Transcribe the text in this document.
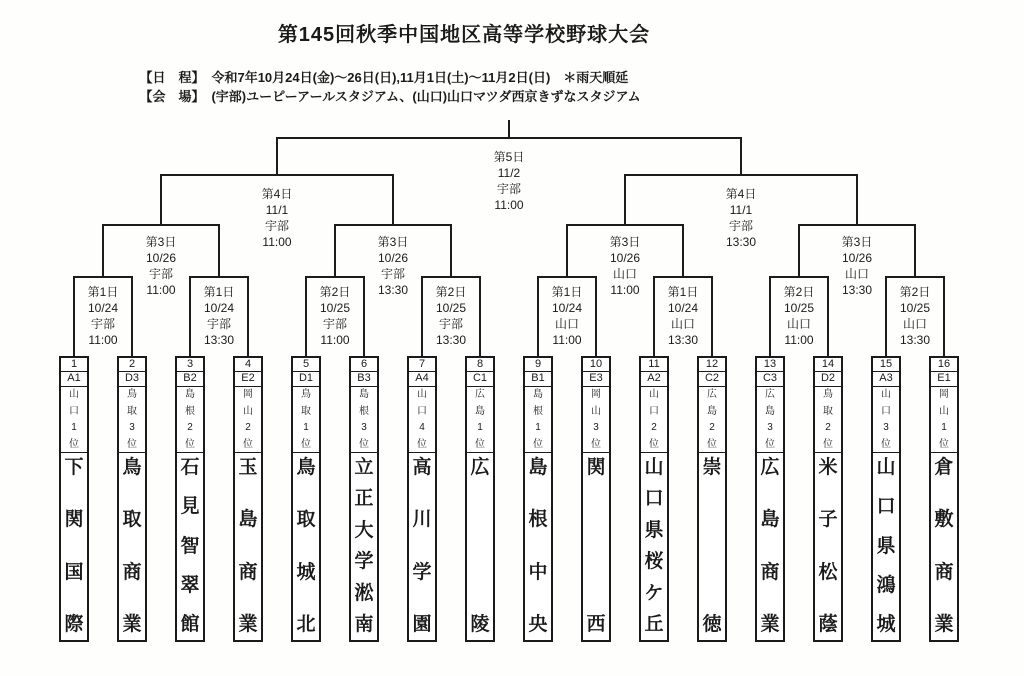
第145回秋季中国地区高等学校野球大会

【日　程】 令和7年10月24日(金)～26日(日),11月1日(土)～11月2日(日)　＊雨天順延

【会　場】 (宇部)ユーピーアールスタジアム、(山口)山口マツダ西京きずなスタジアム

第5日
11/2
宇部
11:00
第4日
11/1
宇部
11:00
第4日
11/1
宇部
13:30
第3日
10/26
宇部
11:00
第3日
10/26
宇部
13:30
第3日
10/26
山口
11:00
第3日
10/26
山口
13:30
第1日
10/24
宇部
11:00
第1日
10/24
宇部
13:30
第2日
10/25
宇部
11:00
第2日
10/25
宇部
13:30
第1日
10/24
山口
11:00
第1日
10/24
山口
13:30
第2日
10/25
山口
11:00
第2日
10/25
山口
13:30
1
A1
山
口
1
位
下
関
国
際
2
D3
鳥
取
3
位
鳥
取
商
業
3
B2
島
根
2
位
石
見
智
翠
館
4
E2
岡
山
2
位
玉
島
商
業
5
D1
鳥
取
1
位
鳥
取
城
北
6
B3
島
根
3
位
立
正
大
学
淞
南
7
A4
山
口
4
位
高
川
学
園
8
C1
広
島
1
位
広
陵
9
B1
島
根
1
位
島
根
中
央
10
E3
岡
山
3
位
関
西
11
A2
山
口
2
位
山
口
県
桜
ケ
丘
12
C2
広
島
2
位
崇
徳
13
C3
広
島
3
位
広
島
商
業
14
D2
鳥
取
2
位
米
子
松
蔭
15
A3
山
口
3
位
山
口
県
鴻
城
16
E1
岡
山
1
位
倉
敷
商
業
